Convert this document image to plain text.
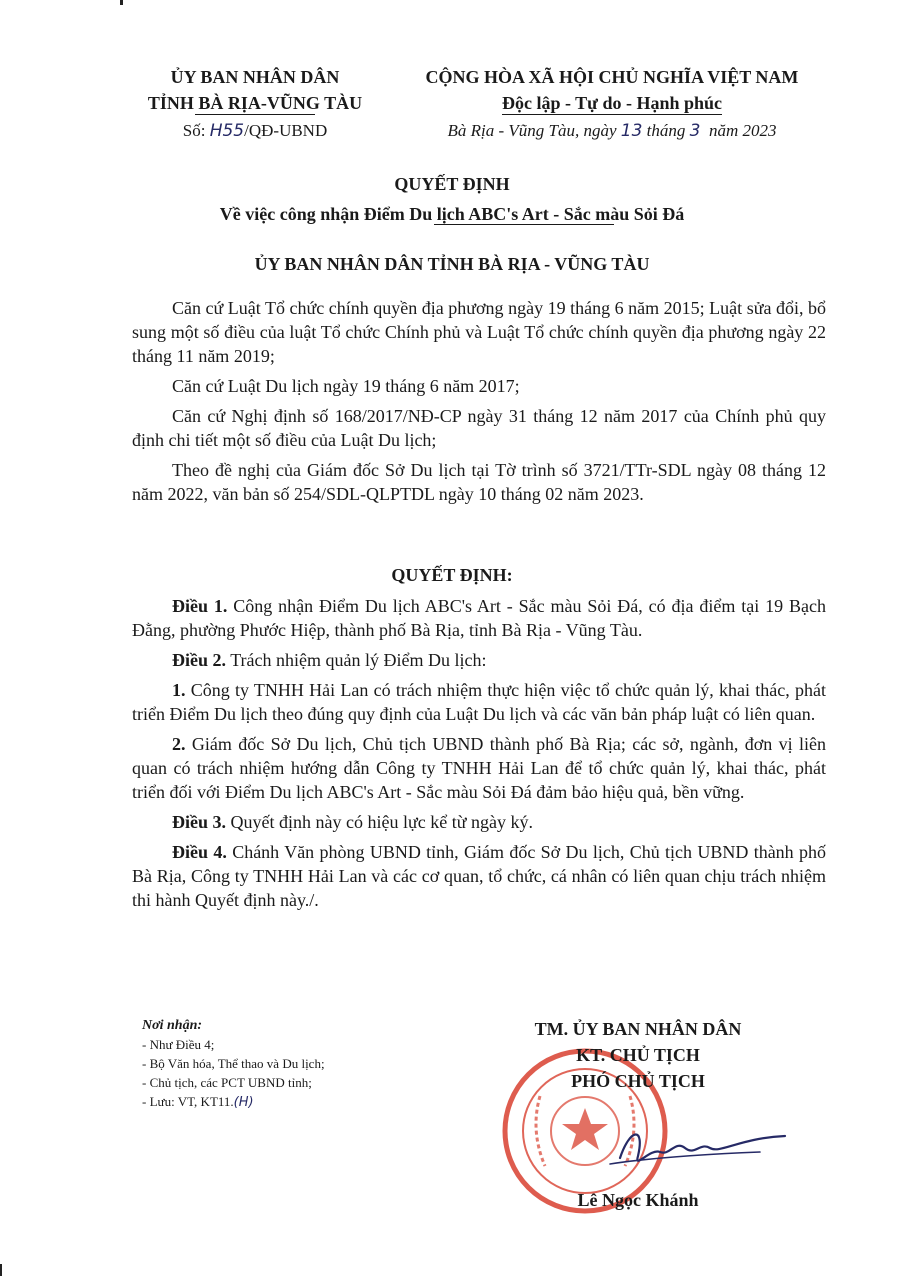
ỦY BAN NHÂN DÂN
TỈNH BÀ RỊA-VŨNG TÀU
Số: H55/QĐ-UBND
CỘNG HÒA XÃ HỘI CHỦ NGHĨA VIỆT NAM
Độc lập - Tự do - Hạnh phúc
Bà Rịa - Vũng Tàu, ngày 13 tháng 3 năm 2023
QUYẾT ĐỊNH
Về việc công nhận Điểm Du lịch ABC's Art - Sắc màu Sỏi Đá
ỦY BAN NHÂN DÂN TỈNH BÀ RỊA - VŨNG TÀU

Căn cứ Luật Tổ chức chính quyền địa phương ngày 19 tháng 6 năm 2015; Luật sửa đổi, bổ sung một số điều của luật Tổ chức Chính phủ và Luật Tổ chức chính quyền địa phương ngày 22 tháng 11 năm 2019;

Căn cứ Luật Du lịch ngày 19 tháng 6 năm 2017;

Căn cứ Nghị định số 168/2017/NĐ-CP ngày 31 tháng 12 năm 2017 của Chính phủ quy định chi tiết một số điều của Luật Du lịch;

Theo đề nghị của Giám đốc Sở Du lịch tại Tờ trình số 3721/TTr-SDL ngày 08 tháng 12 năm 2022, văn bản số 254/SDL-QLPTDL ngày 10 tháng 02 năm 2023.

QUYẾT ĐỊNH:

Điều 1. Công nhận Điểm Du lịch ABC's Art - Sắc màu Sỏi Đá, có địa điểm tại 19 Bạch Đằng, phường Phước Hiệp, thành phố Bà Rịa, tỉnh Bà Rịa - Vũng Tàu.

Điều 2. Trách nhiệm quản lý Điểm Du lịch:

1. Công ty TNHH Hải Lan có trách nhiệm thực hiện việc tổ chức quản lý, khai thác, phát triển Điểm Du lịch theo đúng quy định của Luật Du lịch và các văn bản pháp luật có liên quan.

2. Giám đốc Sở Du lịch, Chủ tịch UBND thành phố Bà Rịa; các sở, ngành, đơn vị liên quan có trách nhiệm hướng dẫn Công ty TNHH Hải Lan để tổ chức quản lý, khai thác, phát triển đối với Điểm Du lịch ABC's Art - Sắc màu Sỏi Đá đảm bảo hiệu quả, bền vững.

Điều 3. Quyết định này có hiệu lực kể từ ngày ký.

Điều 4. Chánh Văn phòng UBND tỉnh, Giám đốc Sở Du lịch, Chủ tịch UBND thành phố Bà Rịa, Công ty TNHH Hải Lan và các cơ quan, tổ chức, cá nhân có liên quan chịu trách nhiệm thi hành Quyết định này./.

Nơi nhận:
- Như Điều 4;
- Bộ Văn hóa, Thể thao và Du lịch;
- Chủ tịch, các PCT UBND tỉnh;
- Lưu: VT, KT11.(H)
TM. ỦY BAN NHÂN DÂN
KT. CHỦ TỊCH
PHÓ CHỦ TỊCH
Lê Ngọc Khánh
